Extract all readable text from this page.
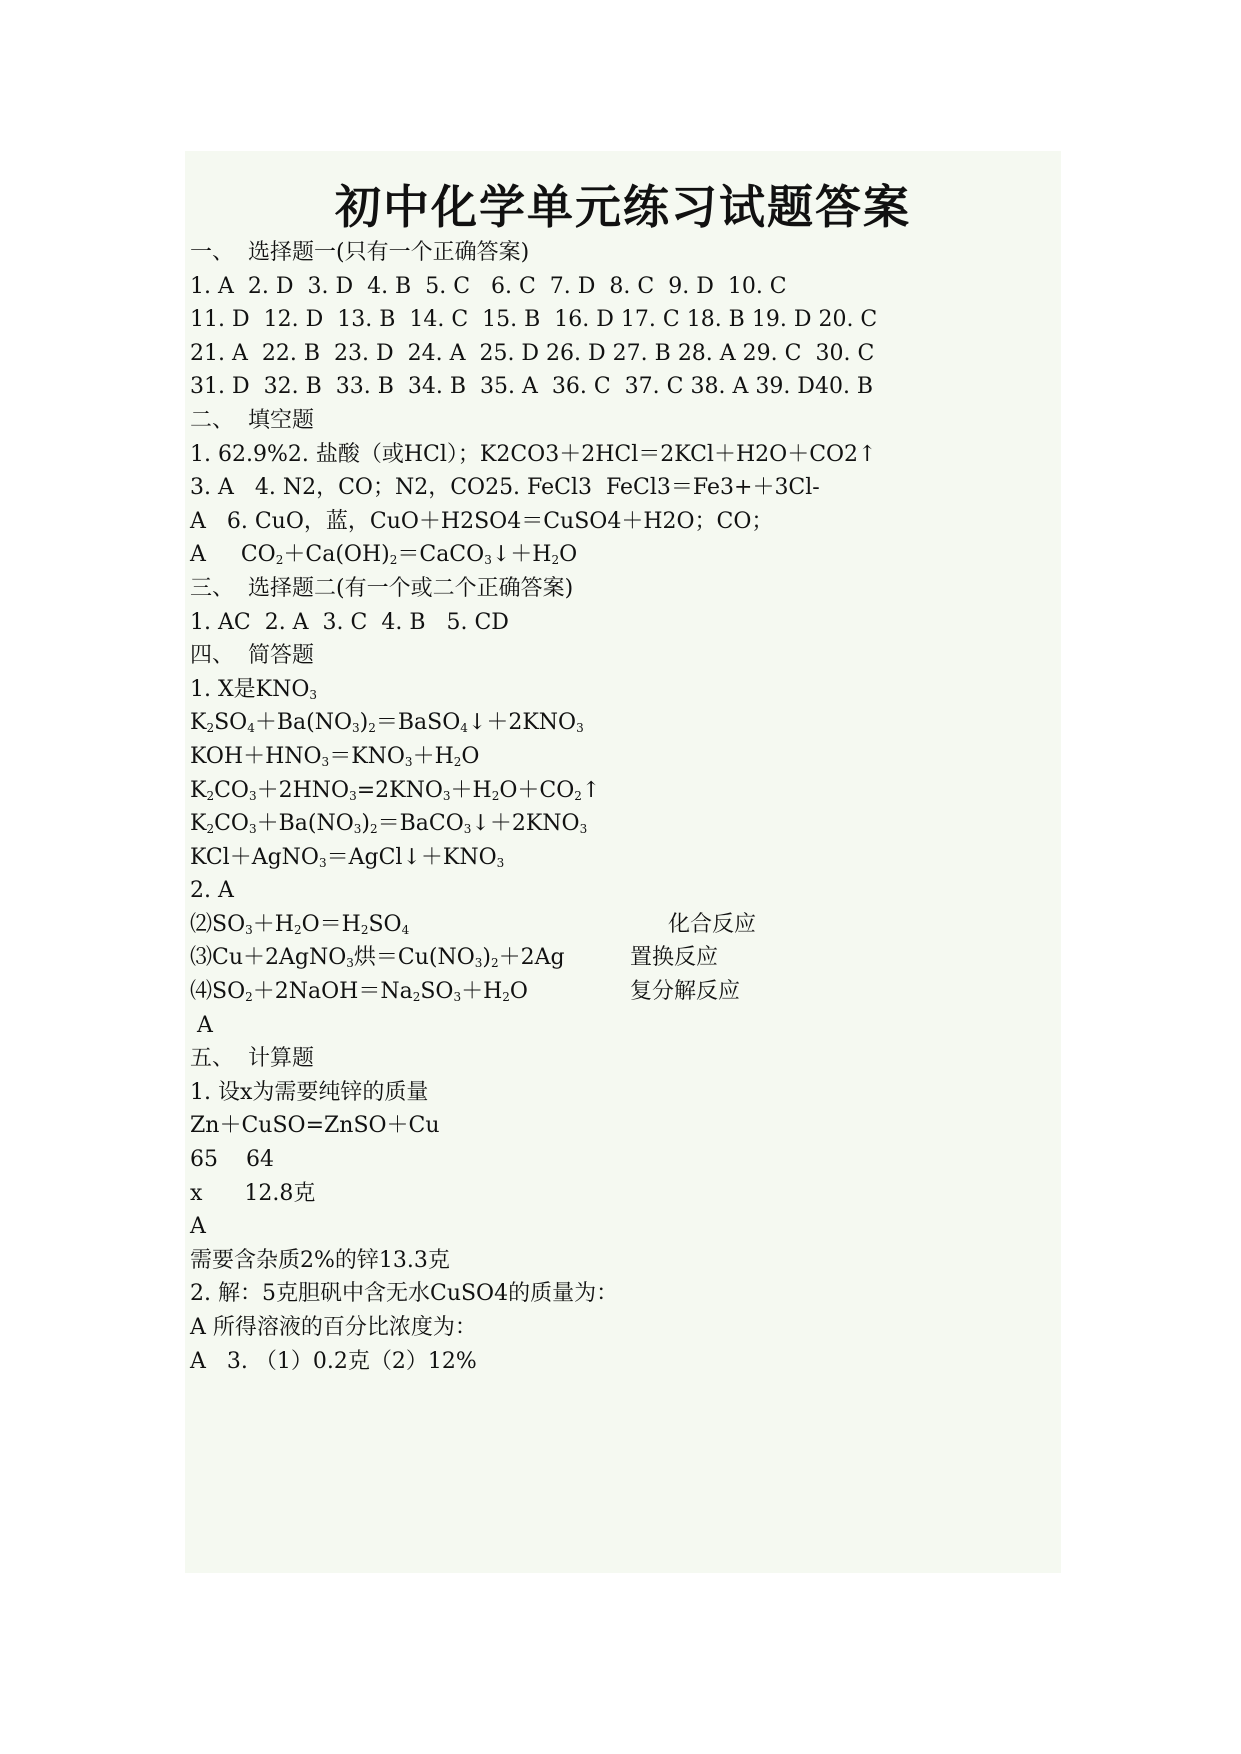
初中化学单元练习试题答案
一、  选择题一(只有一个正确答案)
1. A  2. D  3. D  4. B  5. C   6. C  7. D  8. C  9. D  10. C
11. D  12. D  13. B  14. C  15. B  16. D 17. C 18. B 19. D 20. C
21. A  22. B  23. D  24. A  25. D 26. D 27. B 28. A 29. C  30. C
31. D  32. B  33. B  34. B  35. A  36. C  37. C 38. A 39. D40. B
二、  填空题
1. 62.9%2. 盐酸（或HCl）；K2CO3＋2HCl＝2KCl＋H2O＋CO2↑
3. A   4. N2，CO；N2，CO25. FeCl3  FeCl3＝Fe3+＋3Cl-
A   6. CuO，蓝，CuO＋H2SO4＝CuSO4＋H2O；CO；
A     $CO_2+Ca(OH)_2=CaCO_3↓+H_2O$
三、  选择题二(有一个或二个正确答案)
1. AC  2. A  3. C  4. B   5. CD
四、  简答题
1. X是$KNO_3$
$K_2SO_4+Ba(NO_3)_2=BaSO_4↓+2KNO_3$
$KOH+HNO_3=KNO_3+H_2O$
$K_2CO_3+2HNO_3=2KNO_3+H_2O+CO_2↑$
$K_2CO_3+Ba(NO_3)_2=BaCO_3↓+2KNO_3$
$KCl+AgNO_3=AgCl↓+KNO_3$
2. A
$⑵SO_3+H_2O=H_2SO_4$	化合反应
⑶Cu＋2AgNO$_3$烘$=Cu(NO_3)_2+2Ag$	置换反应
$⑷SO_2+2NaOH=Na_2SO_3+H_2O$	复分解反应
A
五、  计算题
1. 设x为需要纯锌的质量
Zn＋CuSO=ZnSO＋Cu
65    64
x      12.8克
A
需要含杂质2%的锌13.3克
2. 解：5克胆矾中含无水CuSO4的质量为：
A 所得溶液的百分比浓度为：
A   3. （1）0.2克（2）12%
